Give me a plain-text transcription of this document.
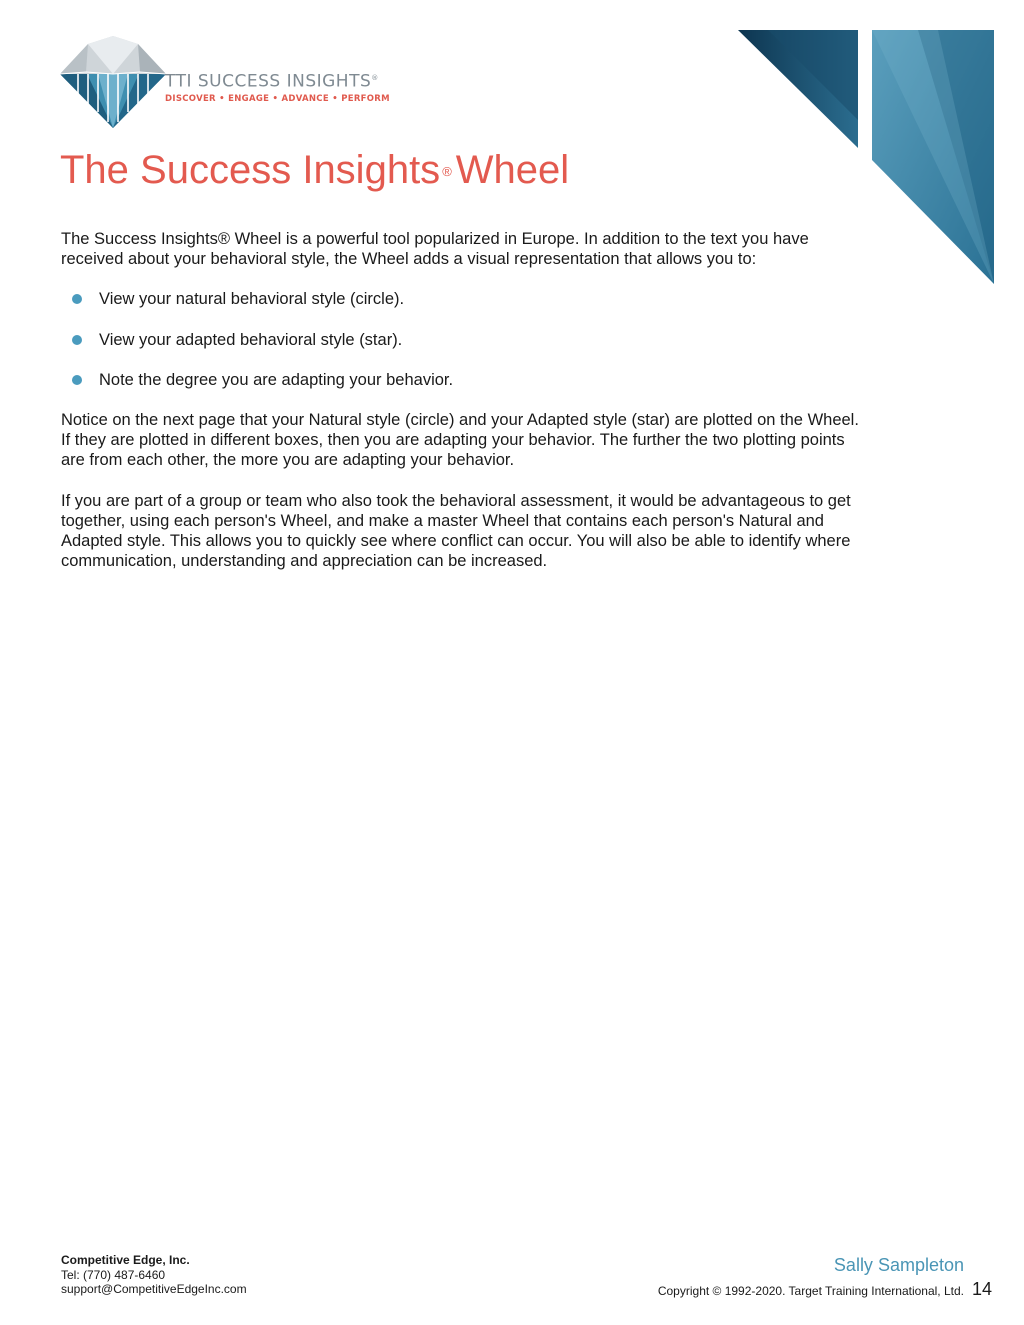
TTI SUCCESS INSIGHTS®
DISCOVER • ENGAGE • ADVANCE • PERFORM
The Success Insights ® Wheel

The Success Insights® Wheel is a powerful tool popularized in Europe. In addition to the text you have received about your behavioral style, the Wheel adds a visual representation that allows you to:

View your natural behavioral style (circle).
View your adapted behavioral style (star).
Note the degree you are adapting your behavior.

Notice on the next page that your Natural style (circle) and your Adapted style (star) are plotted on the Wheel. If they are plotted in different boxes, then you are adapting your behavior. The further the two plotting points are from each other, the more you are adapting your behavior.

If you are part of a group or team who also took the behavioral assessment, it would be advantageous to get together, using each person's Wheel, and make a master Wheel that contains each person's Natural and Adapted style. This allows you to quickly see where conflict can occur. You will also be able to identify where communication, understanding and appreciation can be increased.

Competitive Edge, Inc.
Tel: (770) 487-6460
support@CompetitiveEdgeInc.com
Sally Sampleton
Copyright © 1992-2020. Target Training International, Ltd. 14
